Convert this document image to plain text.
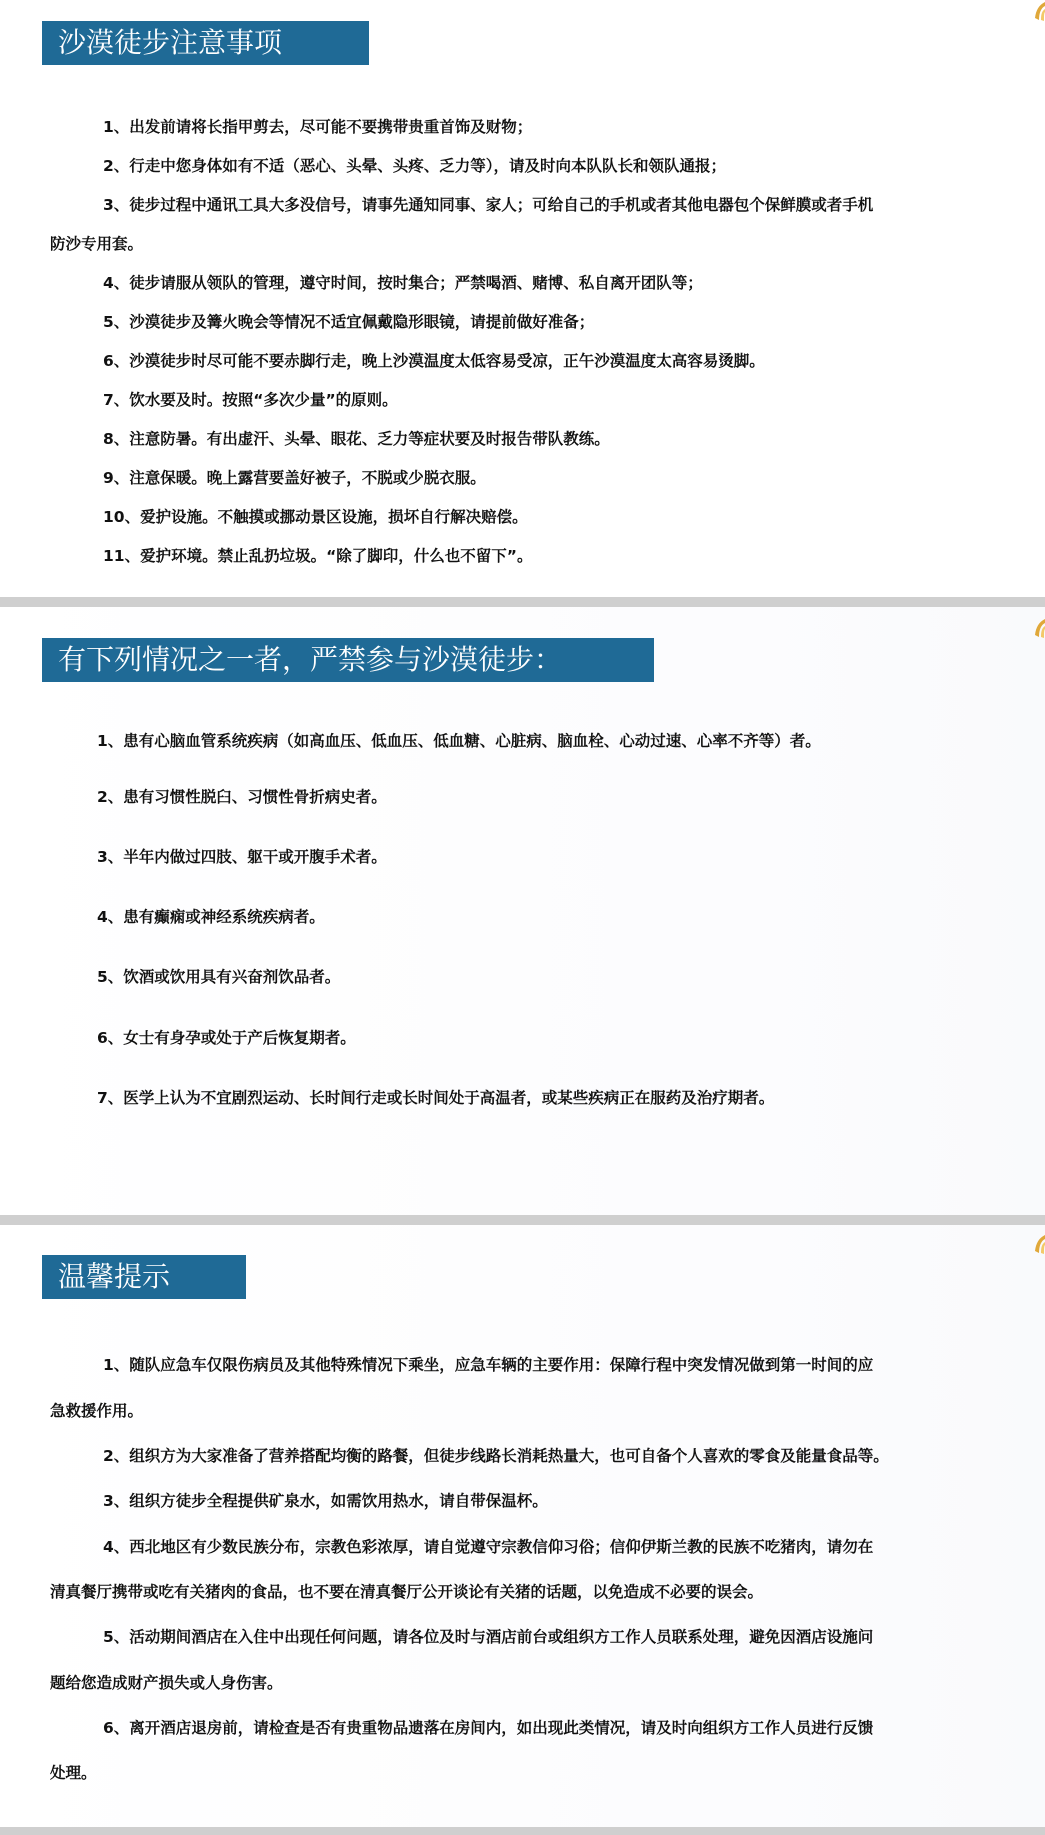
沙漠徒步注意事项
1、出发前请将长指甲剪去，尽可能不要携带贵重首饰及财物；
2、行走中您身体如有不适（恶心、头晕、头疼、乏力等），请及时向本队队长和领队通报；
3、徒步过程中通讯工具大多没信号，请事先通知同事、家人；可给自己的手机或者其他电器包个保鲜膜或者手机
防沙专用套。
4、徒步请服从领队的管理，遵守时间，按时集合；严禁喝酒、赌博、私自离开团队等；
5、沙漠徒步及篝火晚会等情况不适宜佩戴隐形眼镜，请提前做好准备；
6、沙漠徒步时尽可能不要赤脚行走，晚上沙漠温度太低容易受凉，正午沙漠温度太高容易烫脚。
7、饮水要及时。按照“多次少量”的原则。
8、注意防暑。有出虚汗、头晕、眼花、乏力等症状要及时报告带队教练。
9、注意保暖。晚上露营要盖好被子，不脱或少脱衣服。
10、爱护设施。不触摸或挪动景区设施，损坏自行解决赔偿。
11、爱护环境。禁止乱扔垃圾。“除了脚印，什么也不留下”。
有下列情况之一者，严禁参与沙漠徒步：
1、患有心脑血管系统疾病（如高血压、低血压、低血糖、心脏病、脑血栓、心动过速、心率不齐等）者。
2、患有习惯性脱臼、习惯性骨折病史者。
3、半年内做过四肢、躯干或开腹手术者。
4、患有癫痫或神经系统疾病者。
5、饮酒或饮用具有兴奋剂饮品者。
6、女士有身孕或处于产后恢复期者。
7、医学上认为不宜剧烈运动、长时间行走或长时间处于高温者，或某些疾病正在服药及治疗期者。
温馨提示
1、随队应急车仅限伤病员及其他特殊情况下乘坐，应急车辆的主要作用：保障行程中突发情况做到第一时间的应
急救援作用。
2、组织方为大家准备了营养搭配均衡的路餐，但徒步线路长消耗热量大，也可自备个人喜欢的零食及能量食品等。
3、组织方徒步全程提供矿泉水，如需饮用热水，请自带保温杯。
4、西北地区有少数民族分布，宗教色彩浓厚，请自觉遵守宗教信仰习俗；信仰伊斯兰教的民族不吃猪肉，请勿在
清真餐厅携带或吃有关猪肉的食品，也不要在清真餐厅公开谈论有关猪的话题，以免造成不必要的误会。
5、活动期间酒店在入住中出现任何问题，请各位及时与酒店前台或组织方工作人员联系处理，避免因酒店设施问
题给您造成财产损失或人身伤害。
6、离开酒店退房前，请检查是否有贵重物品遗落在房间内，如出现此类情况，请及时向组织方工作人员进行反馈
处理。
